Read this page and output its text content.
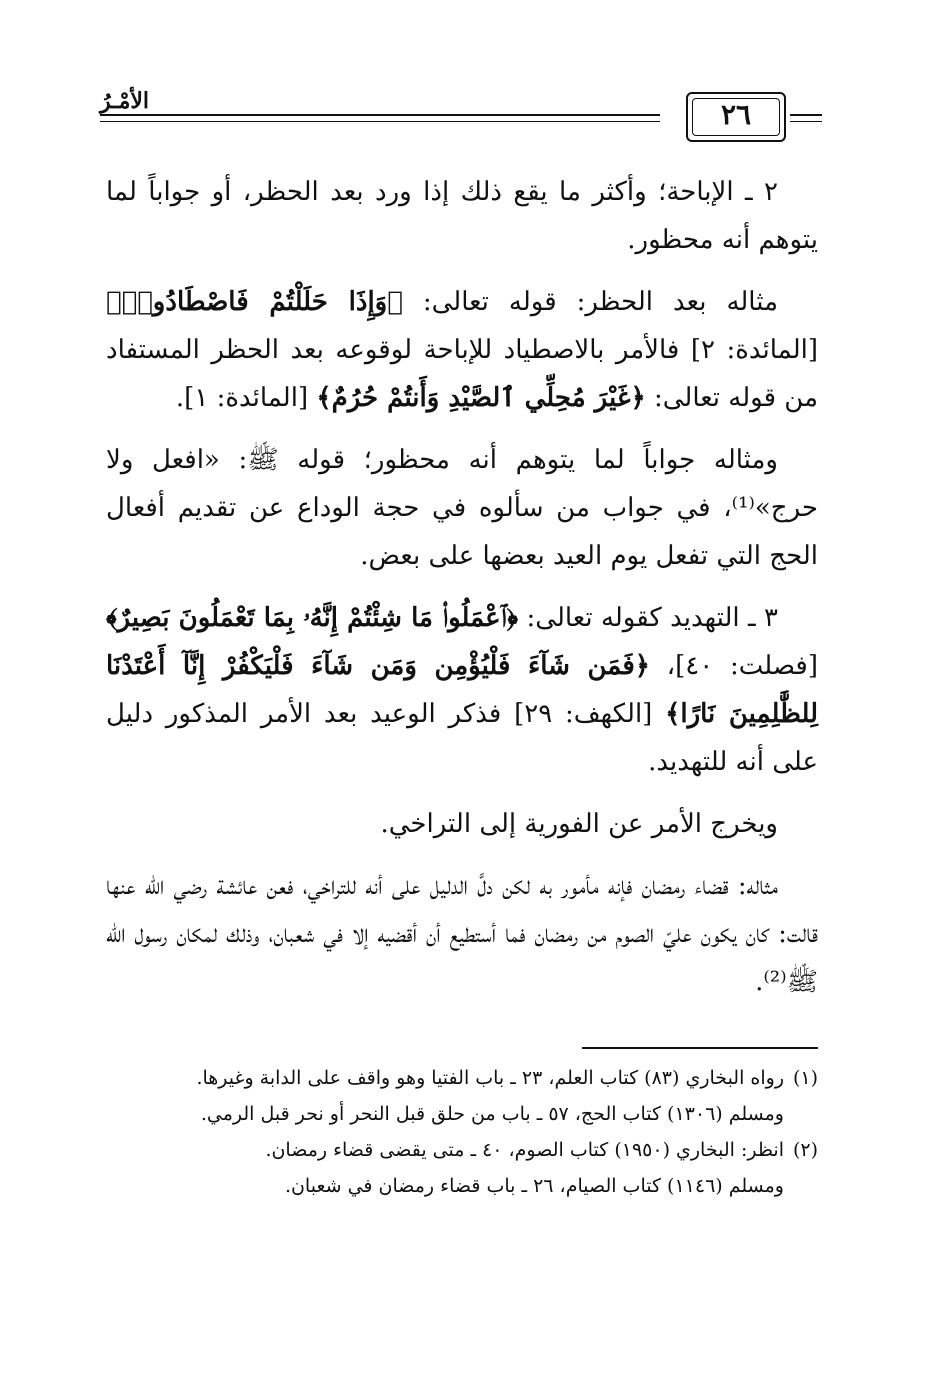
الأمْـرُ	٢٦

٢ ـ الإباحة؛ وأكثر ما يقع ذلك إذا ورد بعد الحظر، أو جواباً لما يتوهم أنه محظور.

مثاله بعد الحظر: قوله تعالى: ﴿وَإِذَا حَلَلْتُمْ فَاصْطَادُوا۟﴾ [المائدة: ٢] فالأمر بالاصطياد للإباحة لوقوعه بعد الحظر المستفاد من قوله تعالى: ﴿غَيْرَ مُحِلِّي ٱلصَّيْدِ وَأَنتُمْ حُرُمٌ﴾ [المائدة: ١].

ومثاله جواباً لما يتوهم أنه محظور؛ قوله ﷺ: «افعل ولا حرج»⁽¹⁾، في جواب من سألوه في حجة الوداع عن تقديم أفعال الحج التي تفعل يوم العيد بعضها على بعض.

٣ ـ التهديد كقوله تعالى: ﴿ٱعْمَلُوا۟ مَا شِئْتُمْ إِنَّهُۥ بِمَا تَعْمَلُونَ بَصِيرٌ﴾ [فصلت: ٤٠]، ﴿فَمَن شَآءَ فَلْيُؤْمِن وَمَن شَآءَ فَلْيَكْفُرْ إِنَّآ أَعْتَدْنَا لِلظَّٰلِمِينَ نَارًا﴾ [الكهف: ٢٩] فذكر الوعيد بعد الأمر المذكور دليل على أنه للتهديد.

ويخرج الأمر عن الفورية إلى التراخي.

مثاله: قضاء رمضان فإنه مأمور به لكن دلَّ الدليل على أنه للتراخي، فعن عائشة رضي الله عنها قالت: كان يكون عليّ الصوم من رمضان فما أستطيع أن أقضيه إلا في شعبان، وذلك لمكان رسول الله ﷺ⁽²⁾.

(١)رواه البخاري (٨٣) كتاب العلم، ٢٣ ـ باب الفتيا وهو واقف على الدابة وغيرها.

ومسلم (١٣٠٦) كتاب الحج، ٥٧ ـ باب من حلق قبل النحر أو نحر قبل الرمي.

(٢)انظر: البخاري (١٩٥٠) كتاب الصوم، ٤٠ ـ متى يقضى قضاء رمضان.

ومسلم (١١٤٦) كتاب الصيام، ٢٦ ـ باب قضاء رمضان في شعبان.
